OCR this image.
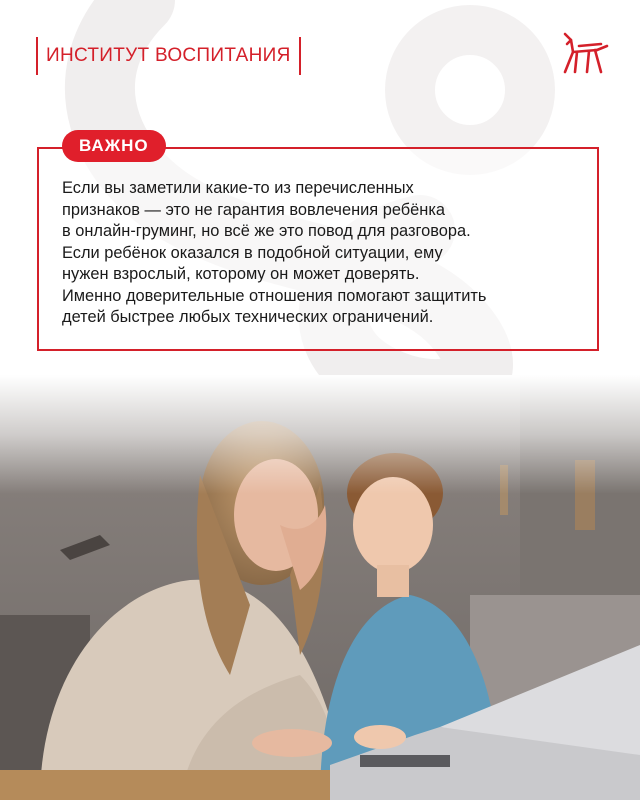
ИНСТИТУТ ВОСПИТАНИЯ
ВАЖНО

Если вы заметили какие-то из перечисленных
признаков — это не гарантия вовлечения ребёнка
в онлайн-груминг, но всё же это повод для разговора.
Если ребёнок оказался в подобной ситуации, ему
нужен взрослый, которому он может доверять.
Именно доверительные отношения помогают защитить
детей быстрее любых технических ограничений.
